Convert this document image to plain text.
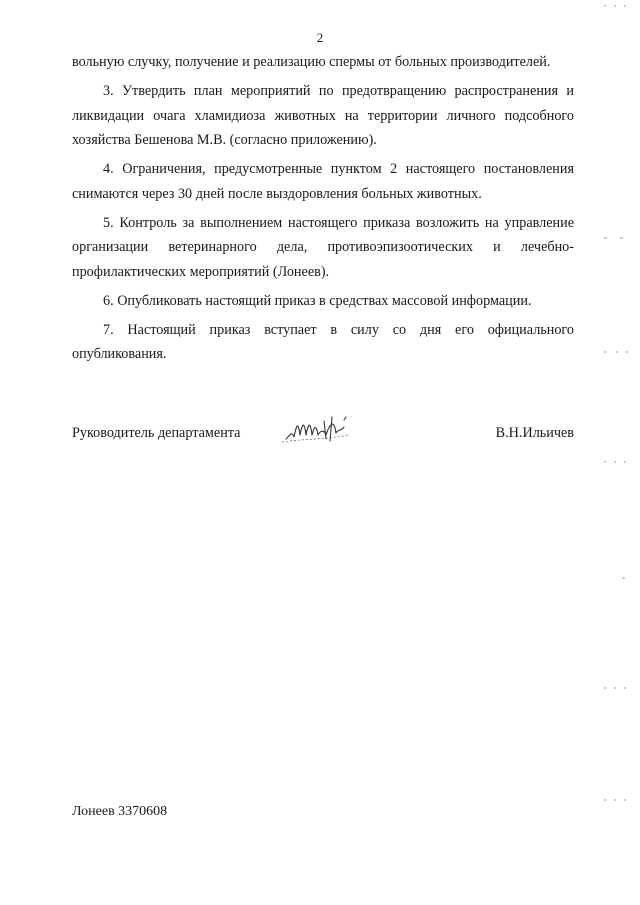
2

вольную случку, получение и реализацию спермы от больных производителей.

3. Утвердить план мероприятий по предотвращению распространения и ликвидации очага хламидиоза животных на территории личного подсобного хозяйства Бешенова М.В. (согласно приложению).

4. Ограничения, предусмотренные пунктом 2 настоящего постановления снимаются через 30 дней после выздоровления больных животных.

5. Контроль за выполнением настоящего приказа возложить на управление организации ветеринарного дела, противоэпизоотических и лечебно-профилактических мероприятий (Лонеев).

6. Опубликовать настоящий приказ в средствах массовой информации.

7. Настоящий приказ вступает в силу со дня его официального опубликования.

Руководитель департамента	В.Н.Ильичев
Лонеев 3370608
